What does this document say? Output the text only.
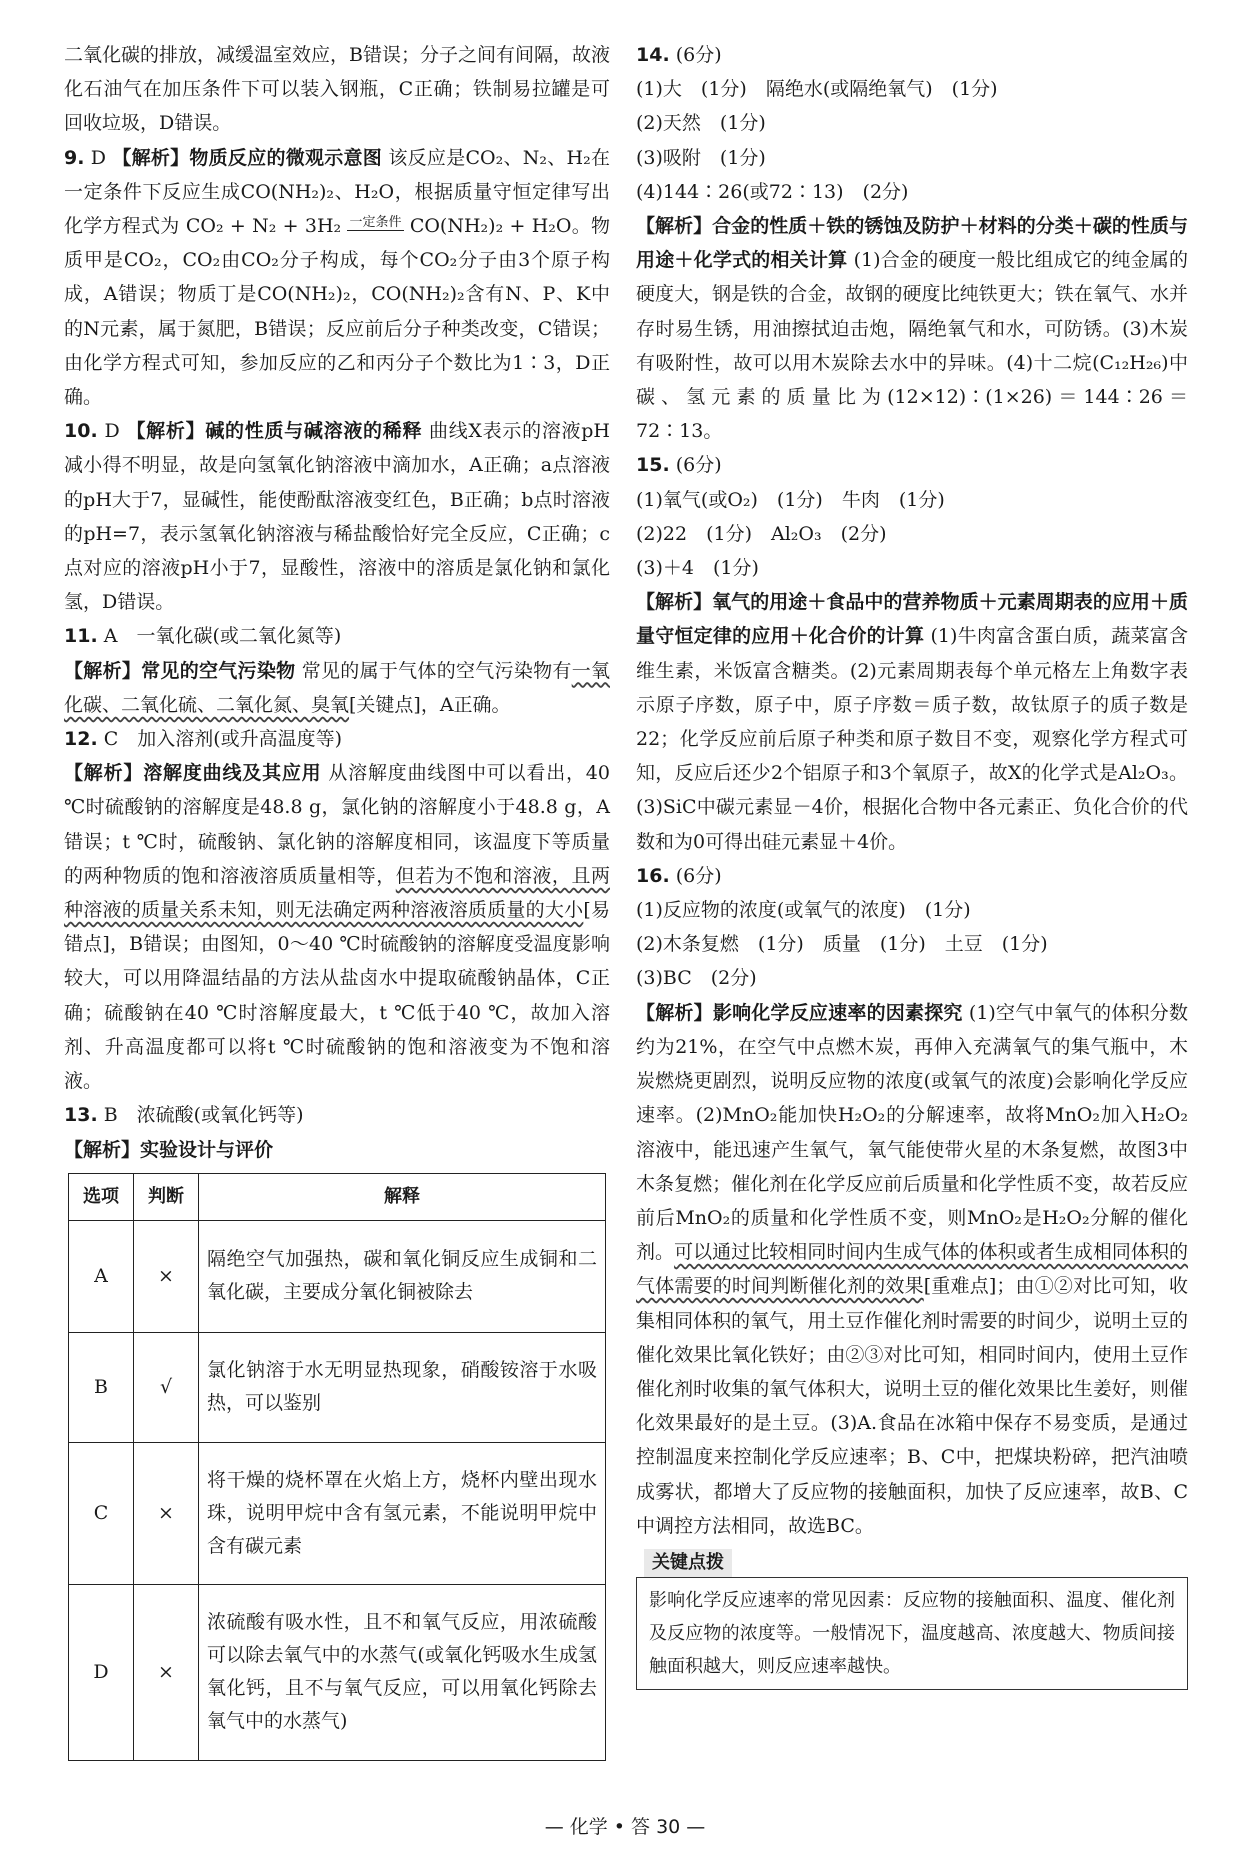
二氧化碳的排放，减缓温室效应，B错误；分子之间有间隔，故液化石油气在加压条件下可以装入钢瓶，C正确；铁制易拉罐是可回收垃圾，D错误。

9. D 【解析】物质反应的微观示意图 该反应是CO₂、N₂、H₂在一定条件下反应生成CO(NH₂)₂、H₂O，根据质量守恒定律写出化学方程式为 CO₂ + N₂ + 3H₂ 一定条件 CO(NH₂)₂ + H₂O。物质甲是CO₂，CO₂由CO₂分子构成，每个CO₂分子由3个原子构成，A错误；物质丁是CO(NH₂)₂，CO(NH₂)₂含有N、P、K中的N元素，属于氮肥，B错误；反应前后分子种类改变，C错误；由化学方程式可知，参加反应的乙和丙分子个数比为1∶3，D正确。

10. D 【解析】碱的性质与碱溶液的稀释 曲线X表示的溶液pH减小得不明显，故是向氢氧化钠溶液中滴加水，A正确；a点溶液的pH大于7，显碱性，能使酚酞溶液变红色，B正确；b点时溶液的pH=7，表示氢氧化钠溶液与稀盐酸恰好完全反应，C正确；c点对应的溶液pH小于7，显酸性，溶液中的溶质是氯化钠和氯化氢，D错误。

11. A　一氧化碳(或二氧化氮等)

【解析】常见的空气污染物 常见的属于气体的空气污染物有一氧化碳、二氧化硫、二氧化氮、臭氧[关键点]，A正确。

12. C　加入溶剂(或升高温度等)

【解析】溶解度曲线及其应用 从溶解度曲线图中可以看出，40 ℃时硫酸钠的溶解度是48.8 g，氯化钠的溶解度小于48.8 g，A错误；t ℃时，硫酸钠、氯化钠的溶解度相同，该温度下等质量的两种物质的饱和溶液溶质质量相等，但若为不饱和溶液，且两种溶液的质量关系未知，则无法确定两种溶液溶质质量的大小[易错点]，B错误；由图知，0～40 ℃时硫酸钠的溶解度受温度影响较大，可以用降温结晶的方法从盐卤水中提取硫酸钠晶体，C正确；硫酸钠在40 ℃时溶解度最大，t ℃低于40 ℃，故加入溶剂、升高温度都可以将t ℃时硫酸钠的饱和溶液变为不饱和溶液。

13. B　浓硫酸(或氧化钙等)

【解析】实验设计与评价

选项	判断	解释
A	×	隔绝空气加强热，碳和氧化铜反应生成铜和二氧化碳，主要成分氧化铜被除去
B	√	氯化钠溶于水无明显热现象，硝酸铵溶于水吸热，可以鉴别
C	×	将干燥的烧杯罩在火焰上方，烧杯内壁出现水珠，说明甲烷中含有氢元素，不能说明甲烷中含有碳元素
D	×	浓硫酸有吸水性，且不和氧气反应，用浓硫酸可以除去氧气中的水蒸气(或氧化钙吸水生成氢氧化钙，且不与氧气反应，可以用氧化钙除去氧气中的水蒸气)

14. (6分)

(1)大　(1分)　隔绝水(或隔绝氧气)　(1分)

(2)天然　(1分)

(3)吸附　(1分)

(4)144∶26(或72∶13)　(2分)

【解析】合金的性质＋铁的锈蚀及防护＋材料的分类＋碳的性质与用途＋化学式的相关计算 (1)合金的硬度一般比组成它的纯金属的硬度大，钢是铁的合金，故钢的硬度比纯铁更大；铁在氧气、水并存时易生锈，用油擦拭迫击炮，隔绝氧气和水，可防锈。(3)木炭有吸附性，故可以用木炭除去水中的异味。(4)十二烷(C₁₂H₂₆)中碳、氢元素的质量比为(12×12)∶(1×26)＝144∶26＝72∶13。

15. (6分)

(1)氧气(或O₂)　(1分)　牛肉　(1分)

(2)22　(1分)　Al₂O₃　(2分)

(3)＋4　(1分)

【解析】氧气的用途＋食品中的营养物质＋元素周期表的应用＋质量守恒定律的应用＋化合价的计算 (1)牛肉富含蛋白质，蔬菜富含维生素，米饭富含糖类。(2)元素周期表每个单元格左上角数字表示原子序数，原子中，原子序数＝质子数，故钛原子的质子数是22；化学反应前后原子种类和原子数目不变，观察化学方程式可知，反应后还少2个铝原子和3个氧原子，故X的化学式是Al₂O₃。(3)SiC中碳元素显－4价，根据化合物中各元素正、负化合价的代数和为0可得出硅元素显＋4价。

16. (6分)

(1)反应物的浓度(或氧气的浓度)　(1分)

(2)木条复燃　(1分)　质量　(1分)　土豆　(1分)

(3)BC　(2分)

【解析】影响化学反应速率的因素探究 (1)空气中氧气的体积分数约为21%，在空气中点燃木炭，再伸入充满氧气的集气瓶中，木炭燃烧更剧烈，说明反应物的浓度(或氧气的浓度)会影响化学反应速率。(2)MnO₂能加快H₂O₂的分解速率，故将MnO₂加入H₂O₂溶液中，能迅速产生氧气，氧气能使带火星的木条复燃，故图3中木条复燃；催化剂在化学反应前后质量和化学性质不变，故若反应前后MnO₂的质量和化学性质不变，则MnO₂是H₂O₂分解的催化剂。可以通过比较相同时间内生成气体的体积或者生成相同体积的气体需要的时间判断催化剂的效果[重难点]；由①②对比可知，收集相同体积的氧气，用土豆作催化剂时需要的时间少，说明土豆的催化效果比氧化铁好；由②③对比可知，相同时间内，使用土豆作催化剂时收集的氧气体积大，说明土豆的催化效果比生姜好，则催化效果最好的是土豆。(3)A.食品在冰箱中保存不易变质，是通过控制温度来控制化学反应速率；B、C中，把煤块粉碎，把汽油喷成雾状，都增大了反应物的接触面积，加快了反应速率，故B、C中调控方法相同，故选BC。

关键点拨
影响化学反应速率的常见因素：反应物的接触面积、温度、催化剂及反应物的浓度等。一般情况下，温度越高、浓度越大、物质间接触面积越大，则反应速率越快。
— 化学 • 答 30 —
